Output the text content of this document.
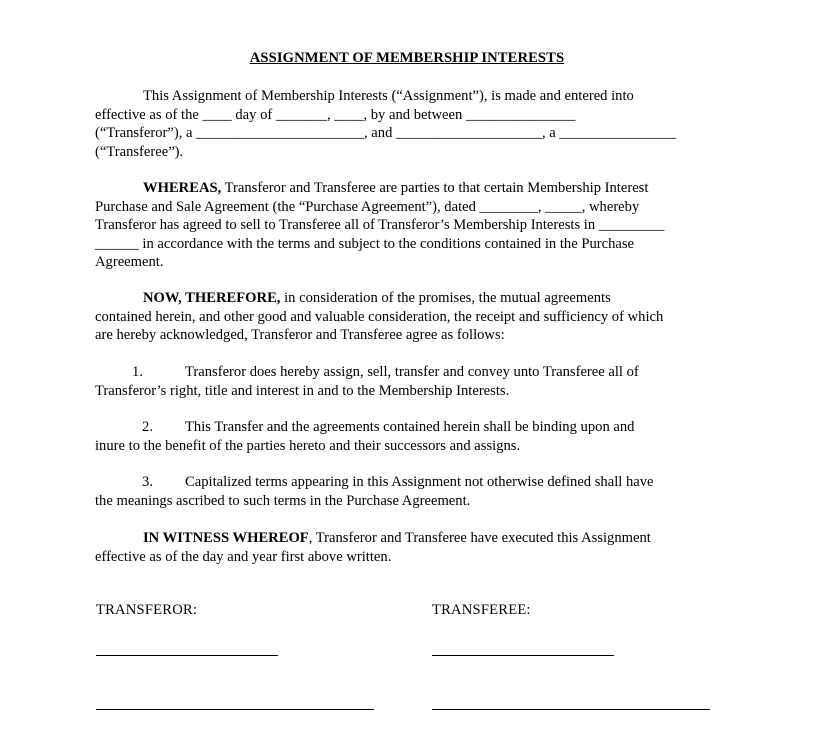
ASSIGNMENT OF MEMBERSHIP INTERESTS
This Assignment of Membership Interests (“Assignment”), is made and entered into
effective as of the ____ day of _______, ____, by and between _______________
(“Transferor”), a _______________________, and ____________________, a ________________
(“Transferee”).
WHEREAS, Transferor and Transferee are parties to that certain Membership Interest
Purchase and Sale Agreement (the “Purchase Agreement”), dated ________, _____, whereby
Transferor has agreed to sell to Transferee all of Transferor’s Membership Interests in _________
______ in accordance with the terms and subject to the conditions contained in the Purchase
Agreement.
NOW, THEREFORE, in consideration of the promises, the mutual agreements
contained herein, and other good and valuable consideration, the receipt and sufficiency of which
are hereby acknowledged, Transferor and Transferee agree as follows:
1.	Transferor does hereby assign, sell, transfer and convey unto Transferee all of
Transferor’s right, title and interest in and to the Membership Interests.
2. This Transfer and the agreements contained herein shall be binding upon and
inure to the benefit of the parties hereto and their successors and assigns.
3. Capitalized terms appearing in this Assignment not otherwise defined shall have
the meanings ascribed to such terms in the Purchase Agreement.
IN WITNESS WHEREOF, Transferor and Transferee have executed this Assignment
effective as of the day and year first above written.
TRANSFEROR:	TRANSFEREE:
